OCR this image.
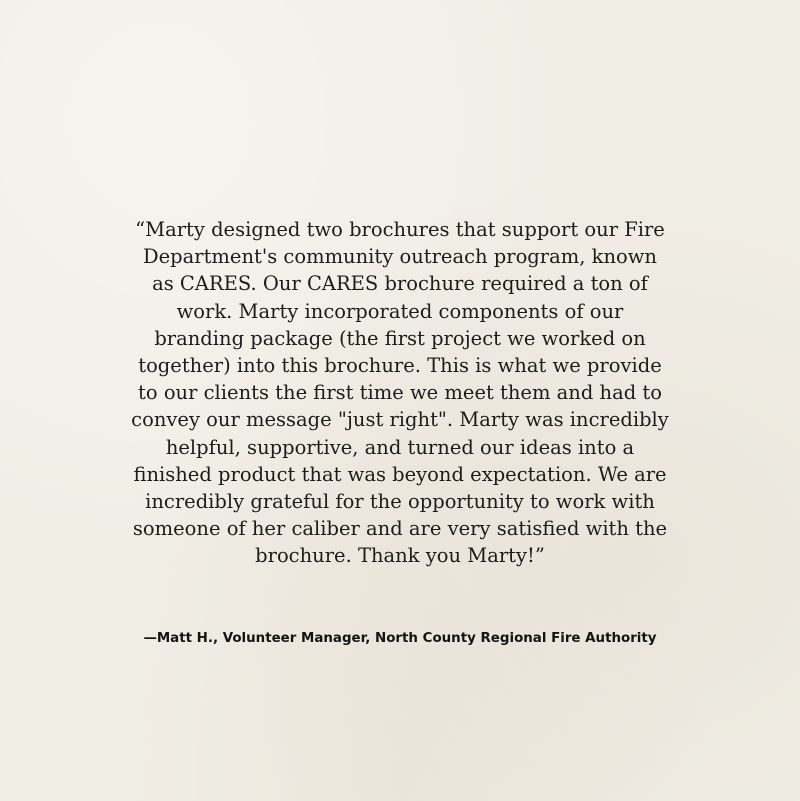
“Marty designed two brochures that support our Fire
Department's community outreach program, known
as CARES. Our CARES brochure required a ton of
work. Marty incorporated components of our
branding package (the first project we worked on
together) into this brochure. This is what we provide
to our clients the first time we meet them and had to
convey our message "just right". Marty was incredibly
helpful, supportive, and turned our ideas into a
finished product that was beyond expectation. We are
incredibly grateful for the opportunity to work with
someone of her caliber and are very satisfied with the
brochure. Thank you Marty!”

—Matt H., Volunteer Manager, North County Regional Fire Authority
